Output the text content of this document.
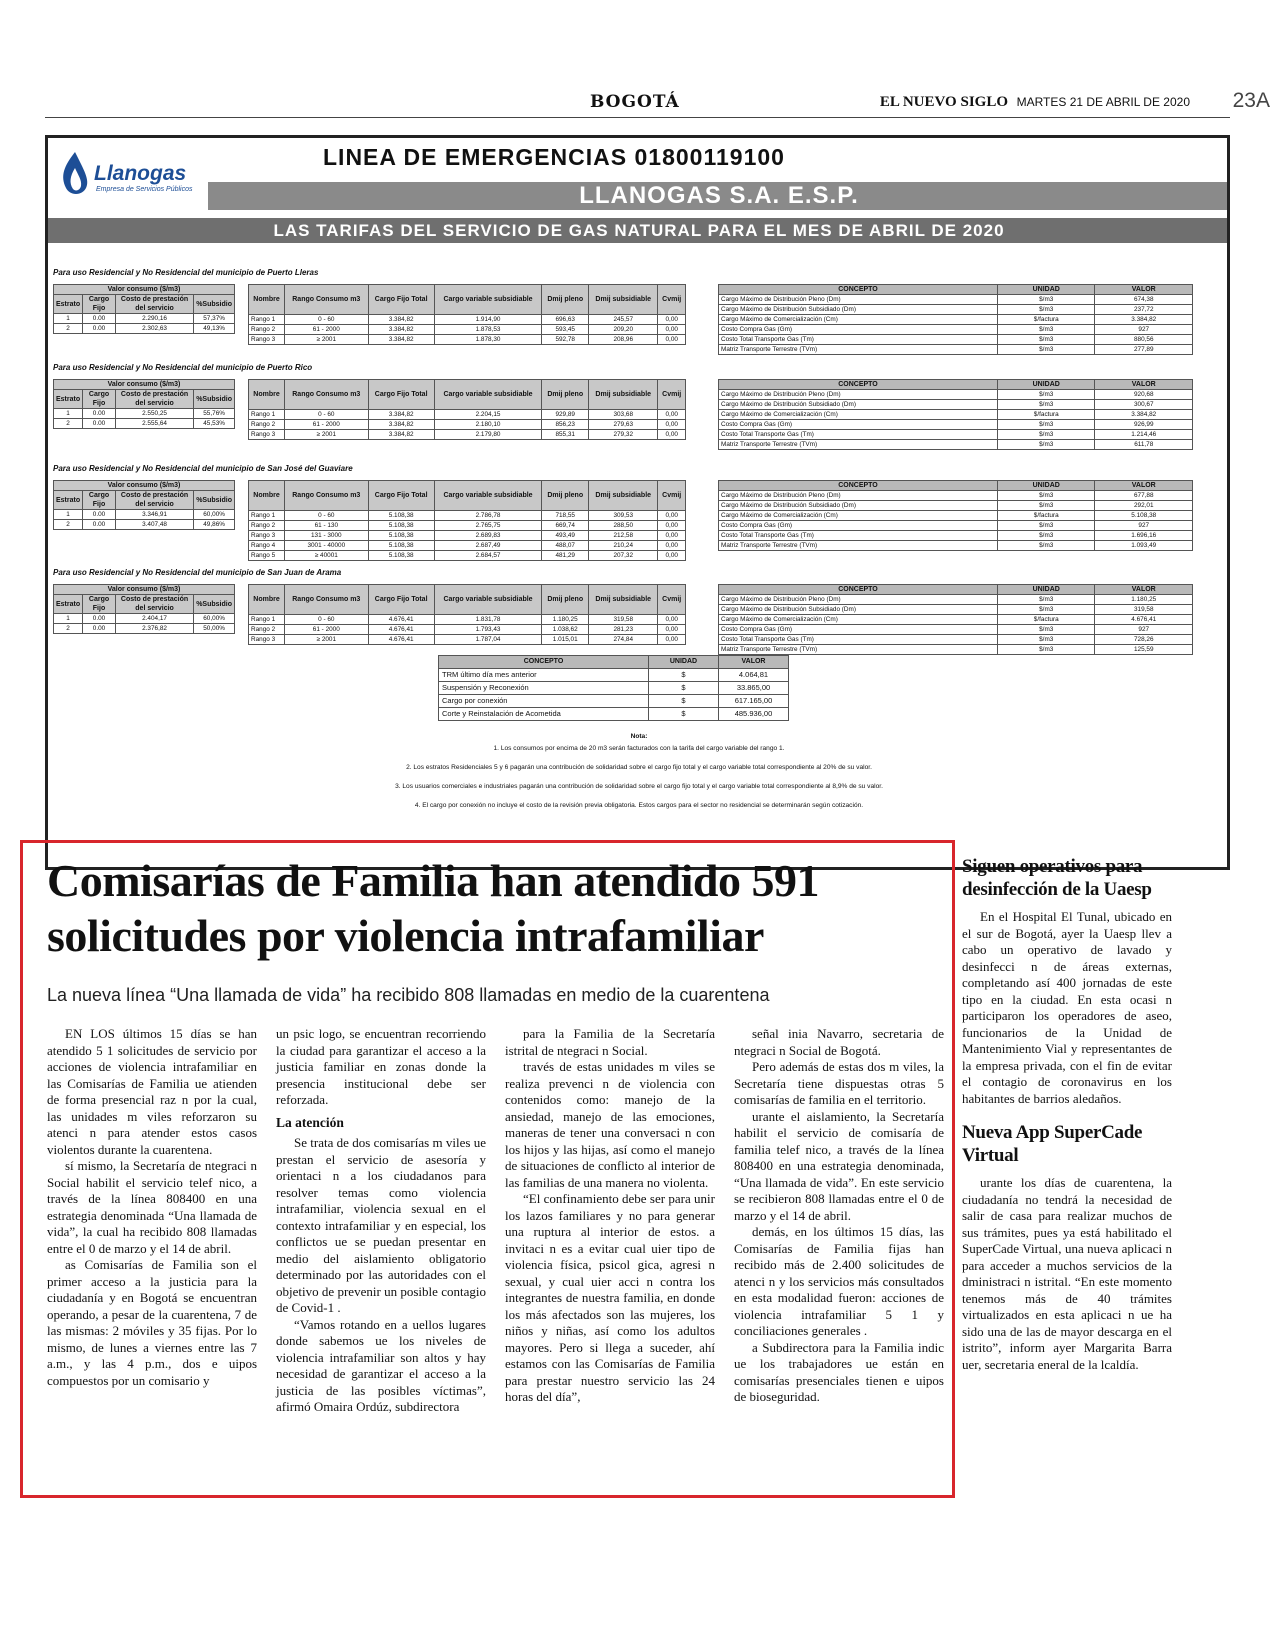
BOGOTÁ	EL NUEVO SIGLO MARTES 21 DE ABRIL DE 2020 23A
Llanogas
Empresa de Servicios Públicos
LINEA DE EMERGENCIAS 01800119100
LLANOGAS S.A. E.S.P.
LAS TARIFAS DEL SERVICIO DE GAS NATURAL PARA EL MES DE ABRIL DE 2020
Para uso Residencial y No Residencial del municipio de Puerto Lleras
Valor consumo ($/m3)			
Estrato	Cargo Fijo	Costo de prestación del servicio	%Subsidio
1	0.00	2.290,16	57,37%
2	0.00	2.302,63	49,13%
Nombre	Rango Consumo m3	Cargo Fijo Total	Cargo variable subsidiable	Dmij pleno	Dmij subsidiable	Cvmij
Rango 1	0 - 60	3.384,82	1.914,90	696,63	245,57	0,00
Rango 2	61 - 2000	3.384,82	1.878,53	593,45	209,20	0,00
Rango 3	≥ 2001	3.384,82	1.878,30	592,78	208,96	0,00
CONCEPTO	UNIDAD	VALOR
Cargo Máximo de Distribución Pleno (Dm)	$/m3	674,38
Cargo Máximo de Distribución Subsidiado (Dm)	$/m3	237,72
Cargo Máximo de Comercialización (Cm)	$/factura	3.384,82
Costo Compra Gas (Gm)	$/m3	927
Costo Total Transporte Gas (Tm)	$/m3	880,56
Matriz Transporte Terrestre (TVm)	$/m3	277,89
Para uso Residencial y No Residencial del municipio de Puerto Rico
Valor consumo ($/m3)			
Estrato	Cargo Fijo	Costo de prestación del servicio	%Subsidio
1	0.00	2.550,25	55,76%
2	0.00	2.555,64	45,53%
Nombre	Rango Consumo m3	Cargo Fijo Total	Cargo variable subsidiable	Dmij pleno	Dmij subsidiable	Cvmij
Rango 1	0 - 60	3.384,82	2.204,15	929,89	303,68	0,00
Rango 2	61 - 2000	3.384,82	2.180,10	856,23	279,63	0,00
Rango 3	≥ 2001	3.384,82	2.179,80	855,31	279,32	0,00
CONCEPTO	UNIDAD	VALOR
Cargo Máximo de Distribución Pleno (Dm)	$/m3	920,68
Cargo Máximo de Distribución Subsidiado (Dm)	$/m3	300,67
Cargo Máximo de Comercialización (Cm)	$/factura	3.384,82
Costo Compra Gas (Gm)	$/m3	926,99
Costo Total Transporte Gas (Tm)	$/m3	1.214,46
Matriz Transporte Terrestre (TVm)	$/m3	611,78
Para uso Residencial y No Residencial del municipio de San José del Guaviare
Valor consumo ($/m3)			
Estrato	Cargo Fijo	Costo de prestación del servicio	%Subsidio
1	0.00	3.346,91	60,00%
2	0.00	3.407,48	49,86%
Nombre	Rango Consumo m3	Cargo Fijo Total	Cargo variable subsidiable	Dmij pleno	Dmij subsidiable	Cvmij
Rango 1	0 - 60	5.108,38	2.786,78	718,55	309,53	0,00
Rango 2	61 - 130	5.108,38	2.765,75	669,74	288,50	0,00
Rango 3	131 - 3000	5.108,38	2.689,83	493,49	212,58	0,00
Rango 4	3001 - 40000	5.108,38	2.687,49	488,07	210,24	0,00
Rango 5	≥ 40001	5.108,38	2.684,57	481,29	207,32	0,00
CONCEPTO	UNIDAD	VALOR
Cargo Máximo de Distribución Pleno (Dm)	$/m3	677,88
Cargo Máximo de Distribución Subsidiado (Dm)	$/m3	292,01
Cargo Máximo de Comercialización (Cm)	$/factura	5.108,38
Costo Compra Gas (Gm)	$/m3	927
Costo Total Transporte Gas (Tm)	$/m3	1.696,16
Matriz Transporte Terrestre (TVm)	$/m3	1.093,49
Para uso Residencial y No Residencial del municipio de San Juan de Arama
Valor consumo ($/m3)			
Estrato	Cargo Fijo	Costo de prestación del servicio	%Subsidio
1	0.00	2.404,17	60,00%
2	0.00	2.376,82	50,00%
Nombre	Rango Consumo m3	Cargo Fijo Total	Cargo variable subsidiable	Dmij pleno	Dmij subsidiable	Cvmij
Rango 1	0 - 60	4.676,41	1.831,78	1.180,25	319,58	0,00
Rango 2	61 - 2000	4.676,41	1.793,43	1.038,62	281,23	0,00
Rango 3	≥ 2001	4.676,41	1.787,04	1.015,01	274,84	0,00
CONCEPTO	UNIDAD	VALOR
Cargo Máximo de Distribución Pleno (Dm)	$/m3	1.180,25
Cargo Máximo de Distribución Subsidiado (Dm)	$/m3	319,58
Cargo Máximo de Comercialización (Cm)	$/factura	4.676,41
Costo Compra Gas (Gm)	$/m3	927
Costo Total Transporte Gas (Tm)	$/m3	728,26
Matriz Transporte Terrestre (TVm)	$/m3	125,59
CONCEPTO	UNIDAD	VALOR
TRM último día mes anterior	$	4.064,81
Suspensión y Reconexión	$	33.865,00
Cargo por conexión	$	617.165,00
Corte y Reinstalación de Acometida	$	485.936,00
Nota:
1. Los consumos por encima de 20 m3 serán facturados con la tarifa del cargo variable del rango 1.
2. Los estratos Residenciales 5 y 6 pagarán una contribución de solidaridad sobre el cargo fijo total y el cargo variable total correspondiente al 20% de su valor.
3. Los usuarios comerciales e industriales pagarán una contribución de solidaridad sobre el cargo fijo total y el cargo variable total correspondiente al 8,9% de su valor.
4. El cargo por conexión no incluye el costo de la revisión previa obligatoria. Estos cargos para el sector no residencial se determinarán según cotización.
Comisarías de Familia han atendido 591 solicitudes por violencia intrafamiliar
La nueva línea “Una llamada de vida” ha recibido 808 llamadas en medio de la cuarentena

EN LOS últimos 15 días se han atendido 5 1 solicitudes de servicio por acciones de violencia intrafamiliar en las Comisarías de Familia ue atienden de forma presencial raz n por la cual, las unidades m viles reforzaron su atenci n para atender estos casos violentos durante la cuarentena.

sí mismo, la Secretaría de ntegraci n Social habilit el servicio telef nico, a través de la línea 808400 en una estrategia denominada “Una llamada de vida”, la cual ha recibido 808 llamadas entre el 0 de marzo y el 14 de abril.

as Comisarías de Familia son el primer acceso a la justicia para la ciudadanía y en Bogotá se encuentran operando, a pesar de la cuarentena, 7 de las mismas: 2 móviles y 35 fijas. Por lo mismo, de lunes a viernes entre las 7 a.m., y las 4 p.m., dos e uipos compuestos por un comisario y

un psic logo, se encuentran recorriendo la ciudad para garantizar el acceso a la justicia familiar en zonas donde la presencia institucional debe ser reforzada.

La atención

Se trata de dos comisarías m viles ue prestan el servicio de asesoría y orientaci n a los ciudadanos para resolver temas como violencia intrafamiliar, violencia sexual en el contexto intrafamiliar y en especial, los conflictos ue se puedan presentar en medio del aislamiento obligatorio determinado por las autoridades con el objetivo de prevenir un posible contagio de Covid-1 .

“Vamos rotando en a uellos lugares donde sabemos ue los niveles de violencia intrafamiliar son altos y hay necesidad de garantizar el acceso a la justicia de las posibles víctimas”, afirmó Omaira Ordúz, subdirectora

para la Familia de la Secretaría istrital de ntegraci n Social.

través de estas unidades m viles se realiza prevenci n de violencia con contenidos como: manejo de la ansiedad, manejo de las emociones, maneras de tener una conversaci n con los hijos y las hijas, así como el manejo de situaciones de conflicto al interior de las familias de una manera no violenta.

“El confinamiento debe ser para unir los lazos familiares y no para generar una ruptura al interior de estos. a invitaci n es a evitar cual uier tipo de violencia física, psicol gica, agresi n sexual, y cual uier acci n contra los integrantes de nuestra familia, en donde los más afectados son las mujeres, los niños y niñas, así como los adultos mayores. Pero si llega a suceder, ahí estamos con las Comisarías de Familia para prestar nuestro servicio las 24 horas del día”,

señal inia Navarro, secretaria de ntegraci n Social de Bogotá.

Pero además de estas dos m viles, la Secretaría tiene dispuestas otras 5 comisarías de familia en el territorio.

urante el aislamiento, la Secretaría habilit el servicio de comisaría de familia telef nico, a través de la línea 808400 en una estrategia denominada, “Una llamada de vida”. En este servicio se recibieron 808 llamadas entre el 0 de marzo y el 14 de abril.

demás, en los últimos 15 días, las Comisarías de Familia fijas han recibido más de 2.400 solicitudes de atenci n y los servicios más consultados en esta modalidad fueron: acciones de violencia intrafamiliar 5 1 y conciliaciones generales .

a Subdirectora para la Familia indic ue los trabajadores ue están en comisarías presenciales tienen e uipos de bioseguridad.

Siguen operativos para desinfección de la Uaesp

En el Hospital El Tunal, ubicado en el sur de Bogotá, ayer la Uaesp llev a cabo un operativo de lavado y desinfecci n de áreas externas, completando así 400 jornadas de este tipo en la ciudad. En esta ocasi n participaron los operadores de aseo, funcionarios de la Unidad de Mantenimiento Vial y representantes de la empresa privada, con el fin de evitar el contagio de coronavirus en los habitantes de barrios aledaños.

Nueva App SuperCade Virtual

urante los días de cuarentena, la ciudadanía no tendrá la necesidad de salir de casa para realizar muchos de sus trámites, pues ya está habilitado el SuperCade Virtual, una nueva aplicaci n para acceder a muchos servicios de la dministraci n istrital. “En este momento tenemos más de 40 trámites virtualizados en esta aplicaci n ue ha sido una de las de mayor descarga en el istrito”, inform ayer Margarita Barra uer, secretaria eneral de la lcaldía.
